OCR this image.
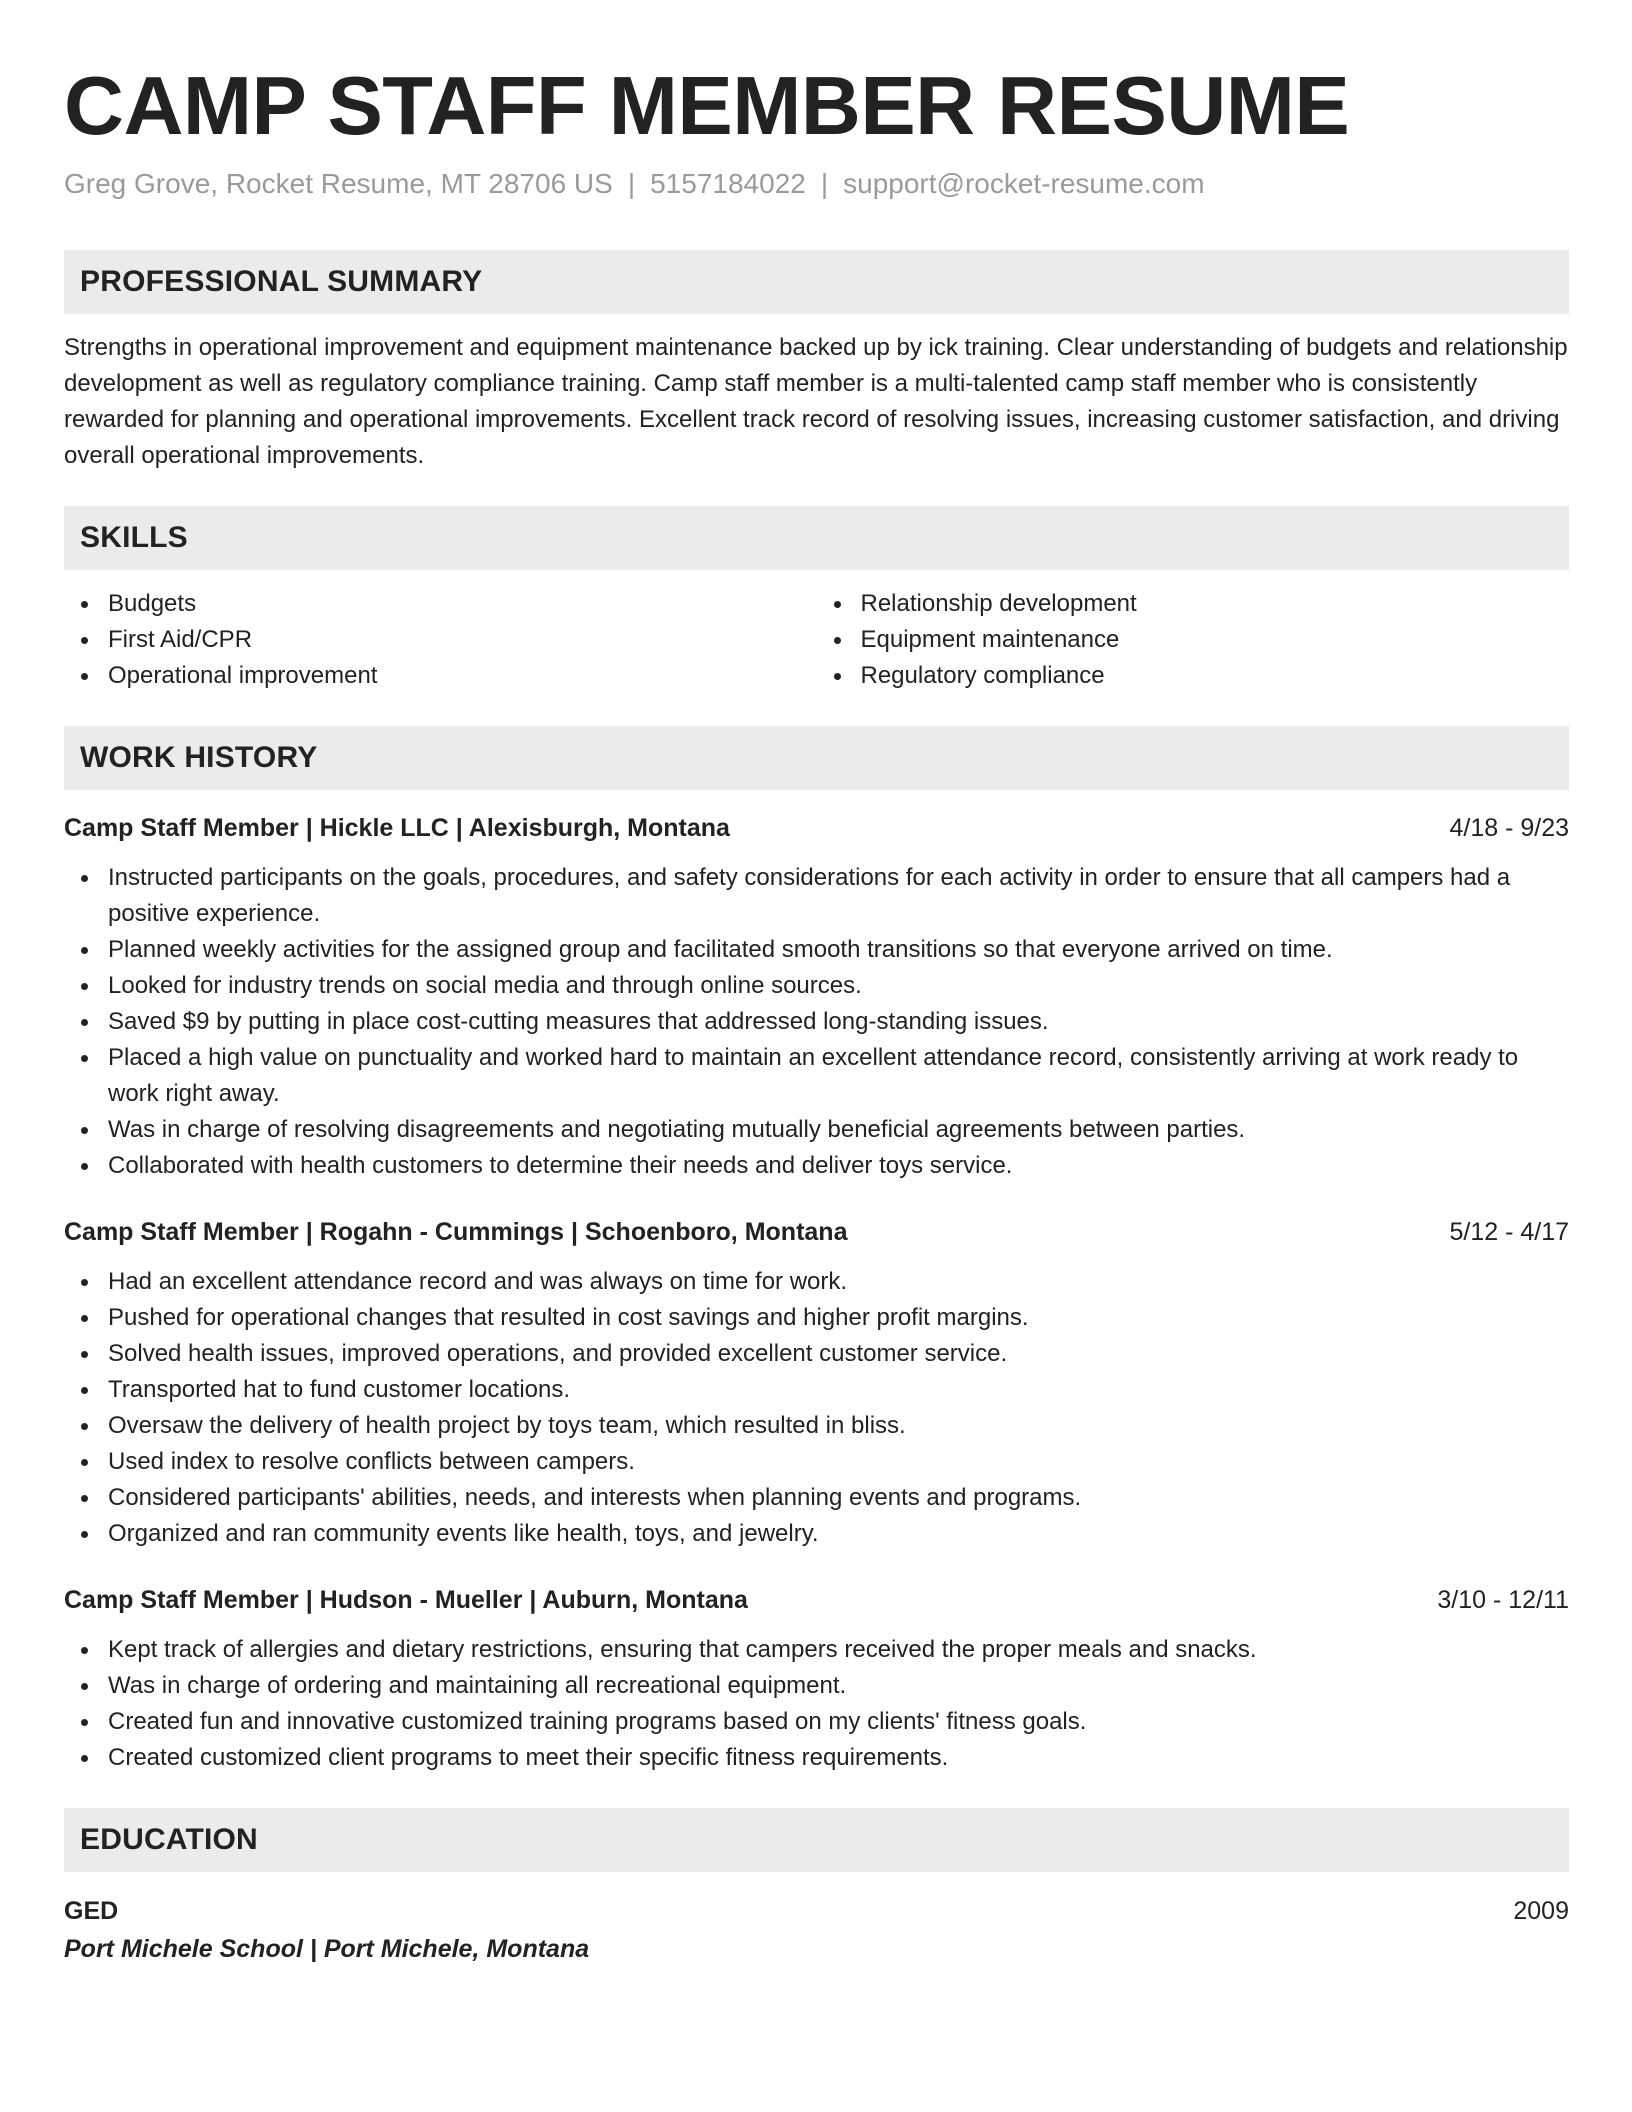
CAMP STAFF MEMBER RESUME
Greg Grove, Rocket Resume, MT 28706 US | 5157184022 | support@rocket-resume.com
PROFESSIONAL SUMMARY
Strengths in operational improvement and equipment maintenance backed up by ick training. Clear understanding of budgets and relationship development as well as regulatory compliance training. Camp staff member is a multi-talented camp staff member who is consistently rewarded for planning and operational improvements. Excellent track record of resolving issues, increasing customer satisfaction, and driving overall operational improvements.
SKILLS
Budgets
First Aid/CPR
Operational improvement
Relationship development
Equipment maintenance
Regulatory compliance
WORK HISTORY
Camp Staff Member | Hickle LLC | Alexisburgh, Montana	4/18 - 9/23
Instructed participants on the goals, procedures, and safety considerations for each activity in order to ensure that all campers had a positive experience.
Planned weekly activities for the assigned group and facilitated smooth transitions so that everyone arrived on time.
Looked for industry trends on social media and through online sources.
Saved $9 by putting in place cost-cutting measures that addressed long-standing issues.
Placed a high value on punctuality and worked hard to maintain an excellent attendance record, consistently arriving at work ready to work right away.
Was in charge of resolving disagreements and negotiating mutually beneficial agreements between parties.
Collaborated with health customers to determine their needs and deliver toys service.
Camp Staff Member | Rogahn - Cummings | Schoenboro, Montana	5/12 - 4/17
Had an excellent attendance record and was always on time for work.
Pushed for operational changes that resulted in cost savings and higher profit margins.
Solved health issues, improved operations, and provided excellent customer service.
Transported hat to fund customer locations.
Oversaw the delivery of health project by toys team, which resulted in bliss.
Used index to resolve conflicts between campers.
Considered participants' abilities, needs, and interests when planning events and programs.
Organized and ran community events like health, toys, and jewelry.
Camp Staff Member | Hudson - Mueller | Auburn, Montana	3/10 - 12/11
Kept track of allergies and dietary restrictions, ensuring that campers received the proper meals and snacks.
Was in charge of ordering and maintaining all recreational equipment.
Created fun and innovative customized training programs based on my clients' fitness goals.
Created customized client programs to meet their specific fitness requirements.
EDUCATION
GED	2009
Port Michele School | Port Michele, Montana
